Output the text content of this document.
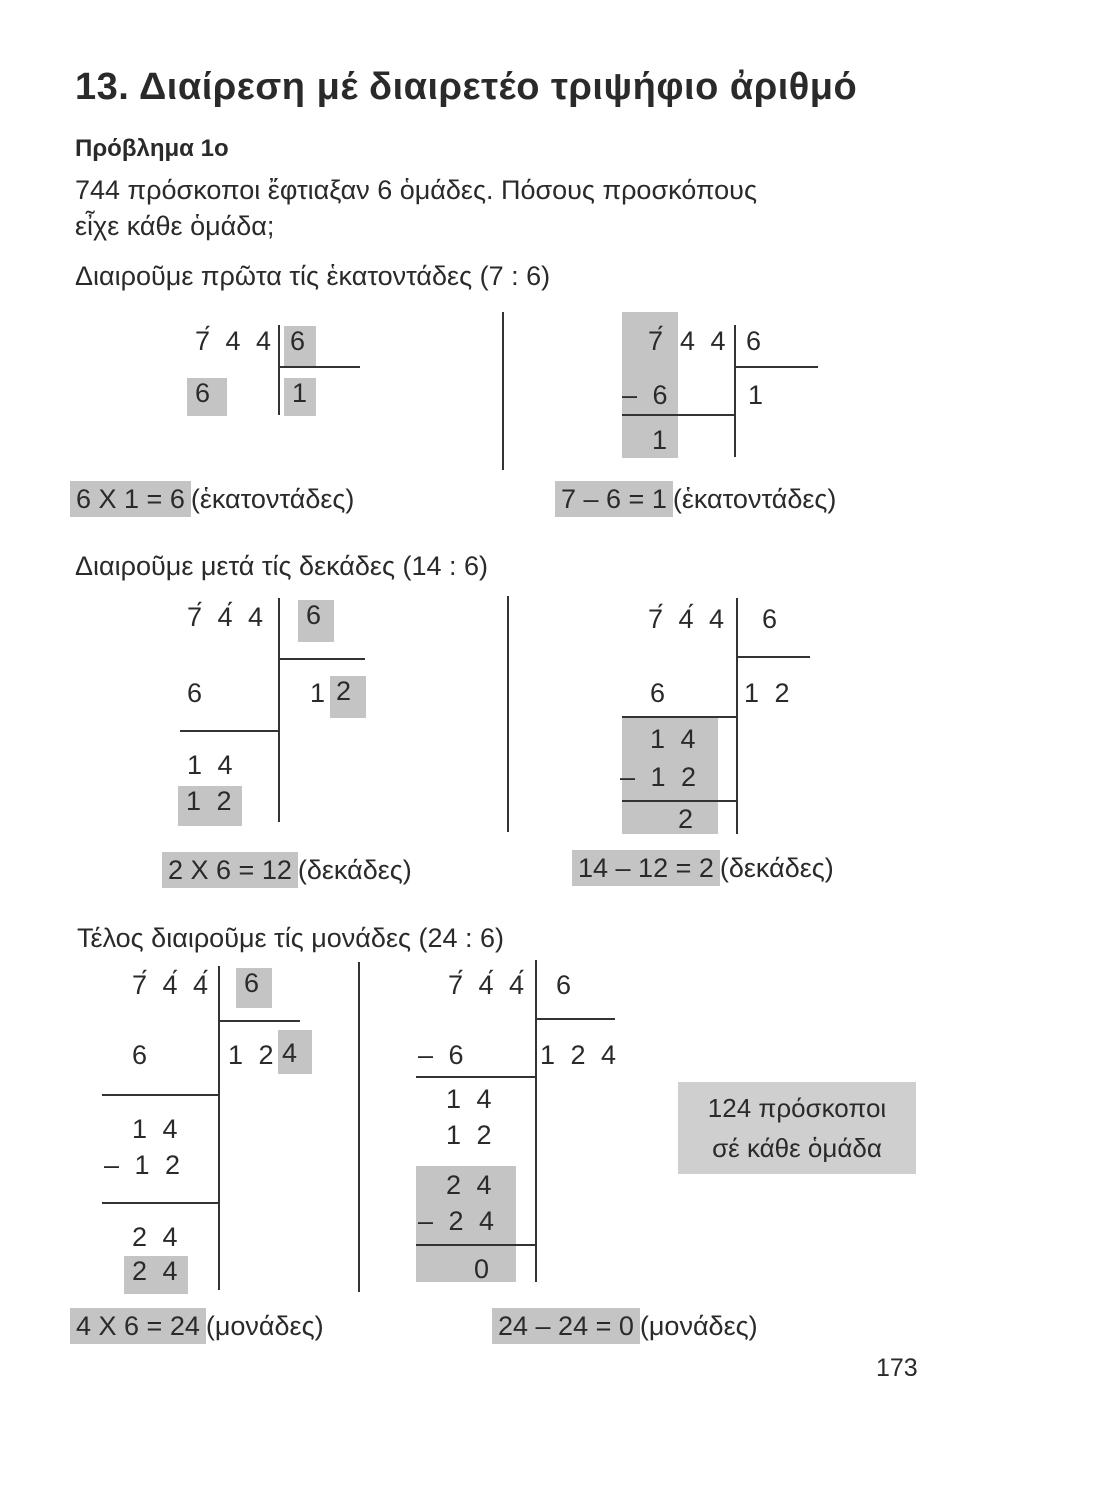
13. Διαίρεση μέ διαιρετέο τριψήφιο ἀριθμό
Πρόβλημα 1ο
744 πρόσκοποι ἔφτιαξαν 6 ὁμάδες. Πόσους προσκόπους
εἶχε κάθε ὁμάδα;
Διαιροῦμε πρῶτα τίς ἑκατοντάδες (7 : 6)
7́ 4 4 6
6	1
7́ 4 4 6
– 6	1
1
6 X 1 = 6 (ἑκατοντάδες)	7 – 6 = 1 (ἑκατοντάδες)
Διαιροῦμε μετά τίς δεκάδες (14 : 6)
7́ 4́ 4 6
6	1 2
1 4
1 2
7́ 4́ 4 6
6	1 2
1 4
– 1 2
2
2 X 6 = 12 (δεκάδες)	14 – 12 = 2 (δεκάδες)
Τέλος διαιροῦμε τίς μονάδες (24 : 6)
7́ 4́ 4́ 6
6	1 2 4
1 4
– 1 2
2 4
2 4
7́ 4́ 4́ 6
– 6	1 2 4
1 4
1 2
2 4
– 2 4
0
124 πρόσκοποι
σέ κάθε ὁμάδα
4 X 6 = 24 (μονάδες)	24 – 24 = 0 (μονάδες)
173
